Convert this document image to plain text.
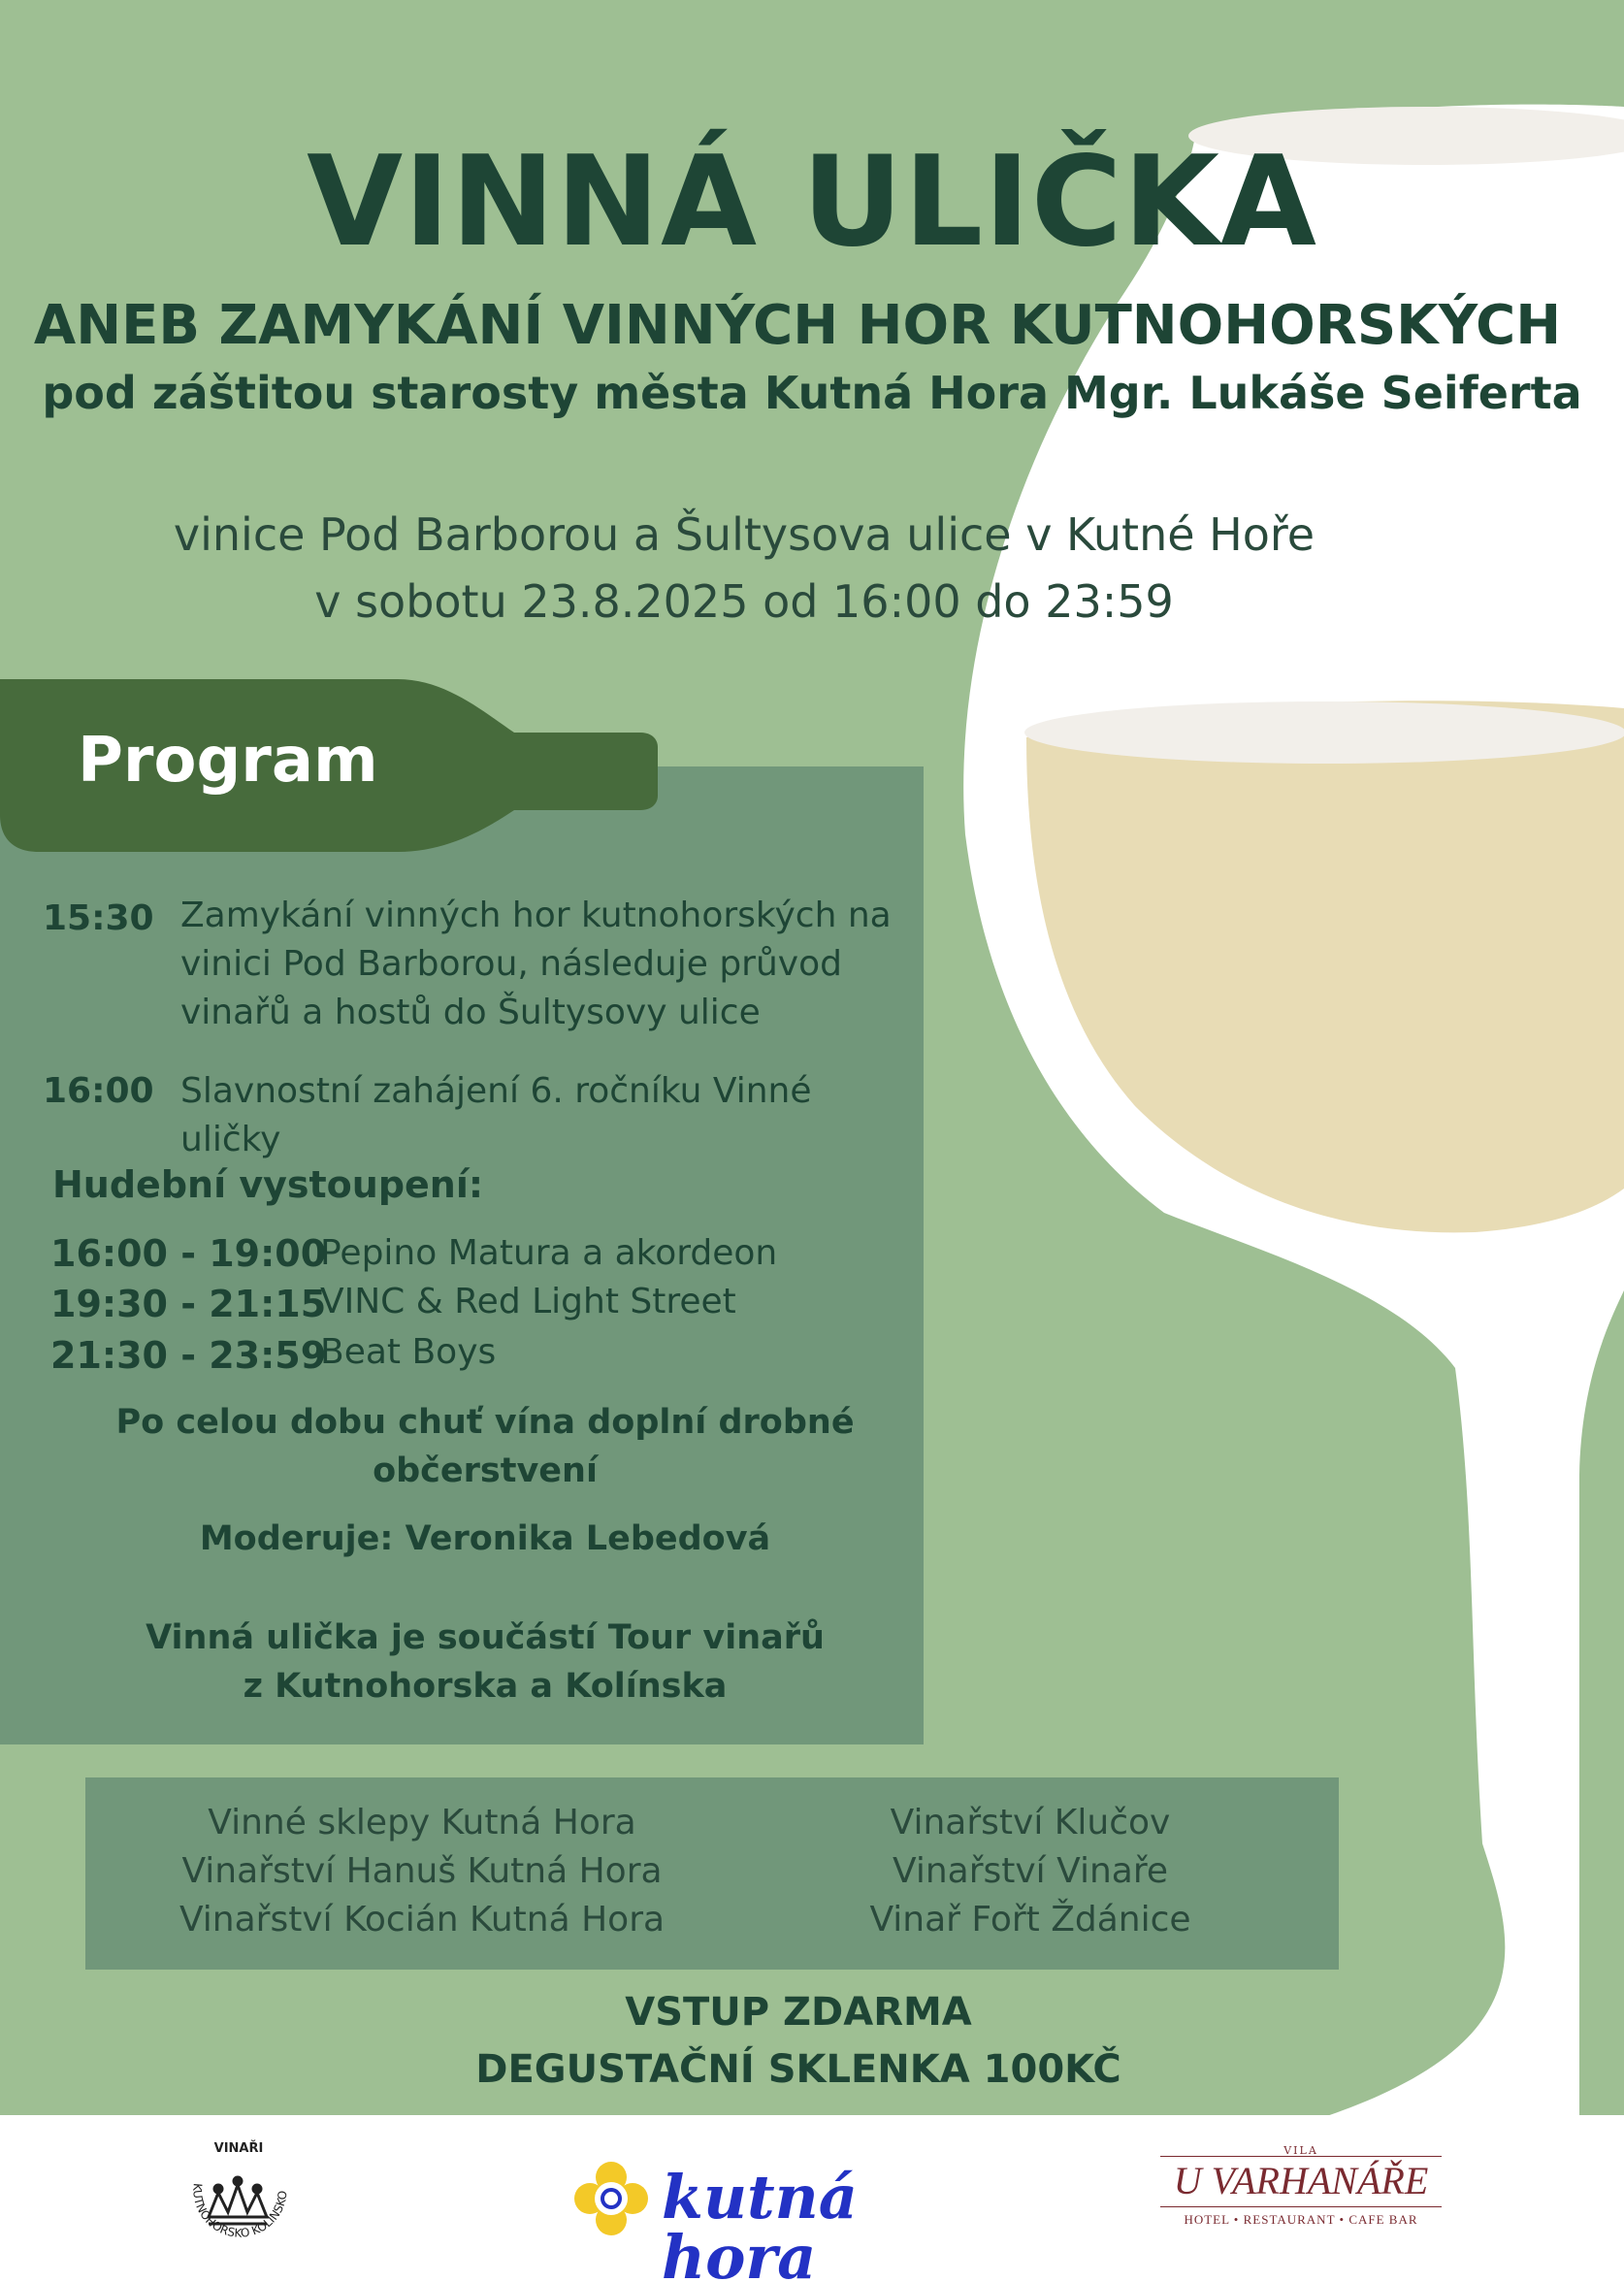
VINNÁ ULIČKA
ANEB ZAMYKÁNÍ VINNÝCH HOR KUTNOHORSKÝCH
pod záštitou starosty města Kutná Hora Mgr. Lukáše Seiferta
vinice Pod Barborou a Šultysova ulice v Kutné Hoře
v sobotu 23.8.2025 od 16:00 do 23:59
Program
15:30 Zamykání vinných hor kutnohorských na
vinici Pod Barborou, následuje průvod
vinařů a hostů do Šultysovy ulice
16:00 Slavnostní zahájení 6. ročníku Vinné uličky
Hudební vystoupení:
16:00 - 19:00
Pepino Matura a akordeon
19:30 - 21:15
VINC & Red Light Street
21:30 - 23:59
Beat Boys
Po celou dobu chuť vína doplní drobné
občerstvení
Moderuje: Veronika Lebedová
Vinná ulička je součástí Tour vinařů
z Kutnohorska a Kolínska
Vinné sklepy Kutná Hora
Vinařství Hanuš Kutná Hora
Vinařství Kocián Kutná Hora
Vinařství Klučov
Vinařství Vinaře
Vinař Fořt Ždánice
VSTUP ZDARMA
DEGUSTAČNÍ SKLENKA 100KČ
VINAŘI
KUTNOHORSKO KOLÍNSKO	kutná hora
VILA
U VARHANÁŘE
HOTEL • RESTAURANT • CAFE BAR
